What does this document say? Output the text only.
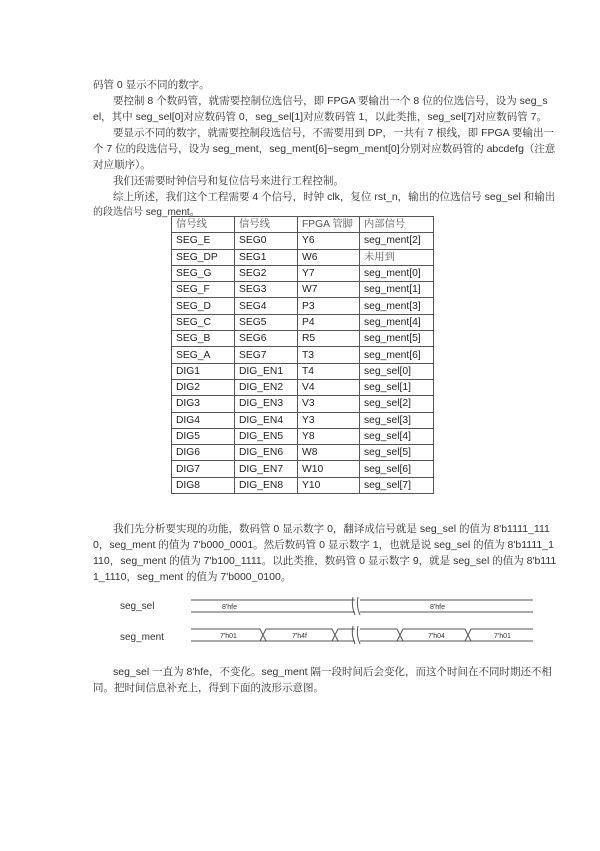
码管 0 显示不同的数字。
要控制 8 个数码管，就需要控制位选信号，即 FPGA 要输出一个 8 位的位选信号，设为 seg_s
el，其中 seg_sel[0]对应数码管 0，seg_sel[1]对应数码管 1，以此类推，seg_sel[7]对应数码管 7。
要显示不同的数字，就需要控制段选信号，不需要用到 DP，一共有 7 根线，即 FPGA 要输出一
个 7 位的段选信号，设为 seg_ment，seg_ment[6]~segm_ment[0]分别对应数码管的 abcdefg（注意
对应顺序）。
我们还需要时钟信号和复位信号来进行工程控制。
综上所述，我们这个工程需要 4 个信号，时钟 clk，复位 rst_n，输出的位选信号 seg_sel 和输出
的段选信号 seg_ment。
信号线	信号线	FPGA 管脚	内部信号
SEG_E	SEG0	Y6	seg_ment[2]
SEG_DP	SEG1	W6	未用到
SEG_G	SEG2	Y7	seg_ment[0]
SEG_F	SEG3	W7	seg_ment[1]
SEG_D	SEG4	P3	seg_ment[3]
SEG_C	SEG5	P4	seg_ment[4]
SEG_B	SEG6	R5	seg_ment[5]
SEG_A	SEG7	T3	seg_ment[6]
DIG1	DIG_EN1	T4	seg_sel[0]
DIG2	DIG_EN2	V4	seg_sel[1]
DIG3	DIG_EN3	V3	seg_sel[2]
DIG4	DIG_EN4	Y3	seg_sel[3]
DIG5	DIG_EN5	Y8	seg_sel[4]
DIG6	DIG_EN6	W8	seg_sel[5]
DIG7	DIG_EN7	W10	seg_sel[6]
DIG8	DIG_EN8	Y10	seg_sel[7]
我们先分析要实现的功能，数码管 0 显示数字 0，翻译成信号就是 seg_sel 的值为 8'b1111_111
0，seg_ment 的值为 7'b000_0001。然后数码管 0 显示数字 1，也就是说 seg_sel 的值为 8'b1111_1
110，seg_ment 的值为 7'b100_1111。以此类推，数码管 0 显示数字 9，就是 seg_sel 的值为 8'b111
1_1110，seg_ment 的值为 7'b000_0100。
seg_sel
seg_ment
8'hfe	8'hfe
7'h01	7'h4f	7'h04	7'h01
seg_sel 一直为 8'hfe，不变化。seg_ment 隔一段时间后会变化，而这个时间在不同时期还不相
同。把时间信息补充上，得到下面的波形示意图。
